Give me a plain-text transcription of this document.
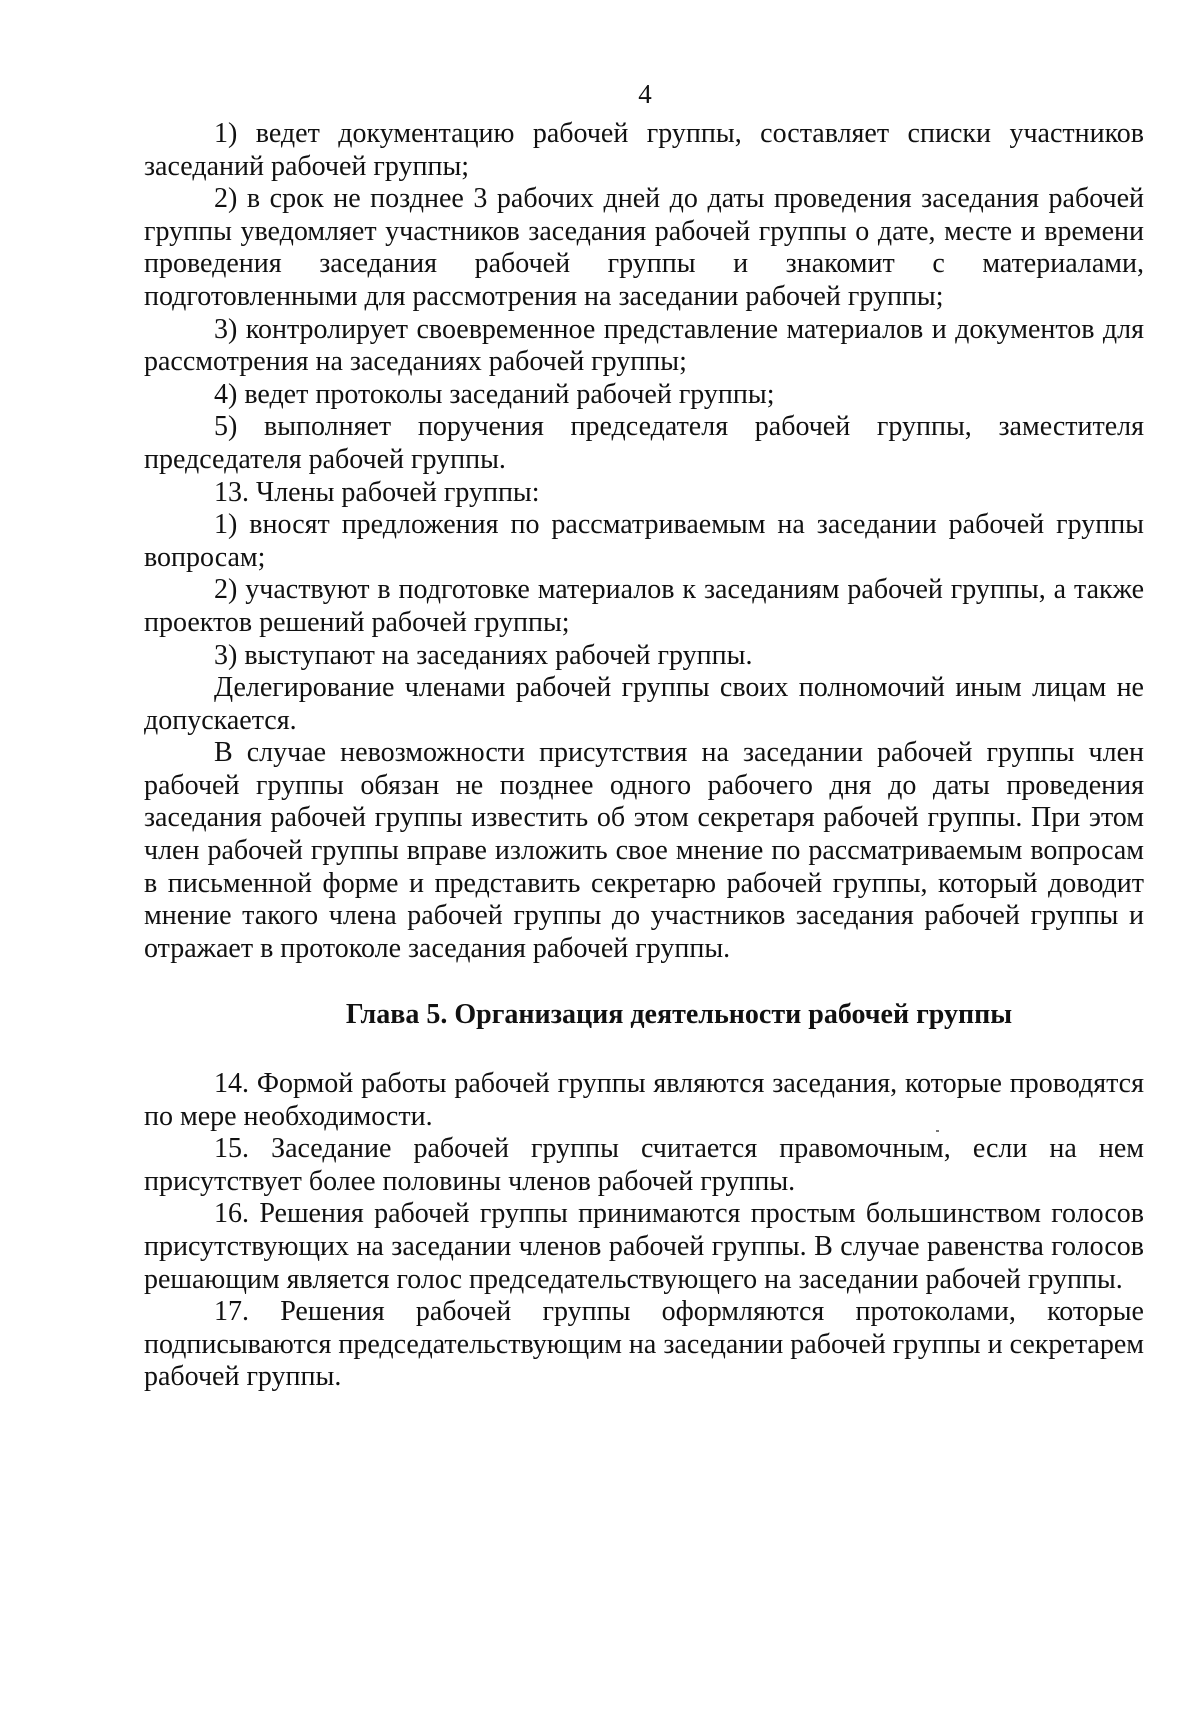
4

1) ведет документацию рабочей группы, составляет списки участников заседаний рабочей группы;

2) в срок не позднее 3 рабочих дней до даты проведения заседания рабочей группы уведомляет участников заседания рабочей группы о дате, месте и времени проведения заседания рабочей группы и знакомит с материалами, подготовленными для рассмотрения на заседании рабочей группы;

3) контролирует своевременное представление материалов и документов для рассмотрения на заседаниях рабочей группы;

4) ведет протоколы заседаний рабочей группы;

5) выполняет поручения председателя рабочей группы, заместителя председателя рабочей группы.

13. Члены рабочей группы:

1) вносят предложения по рассматриваемым на заседании рабочей группы вопросам;

2) участвуют в подготовке материалов к заседаниям рабочей группы, а также проектов решений рабочей группы;

3) выступают на заседаниях рабочей группы.

Делегирование членами рабочей группы своих полномочий иным лицам не допускается.

В случае невозможности присутствия на заседании рабочей группы член рабочей группы обязан не позднее одного рабочего дня до даты проведения заседания рабочей группы известить об этом секретаря рабочей группы. При этом член рабочей группы вправе изложить свое мнение по рассматриваемым вопросам в письменной форме и представить секретарю рабочей группы, который доводит мнение такого члена рабочей группы до участников заседания рабочей группы и отражает в протоколе заседания рабочей группы.

Глава 5. Организация деятельности рабочей группы

14. Формой работы рабочей группы являются заседания, которые проводятся по мере необходимости.

15. Заседание рабочей группы считается правомочным, если на нем присутствует более половины членов рабочей группы.

16. Решения рабочей группы принимаются простым большинством голосов присутствующих на заседании членов рабочей группы. В случае равенства голосов решающим является голос председательствующего на заседании рабочей группы.

17. Решения рабочей группы оформляются протоколами, которые подписываются председательствующим на заседании рабочей группы и секретарем рабочей группы.
